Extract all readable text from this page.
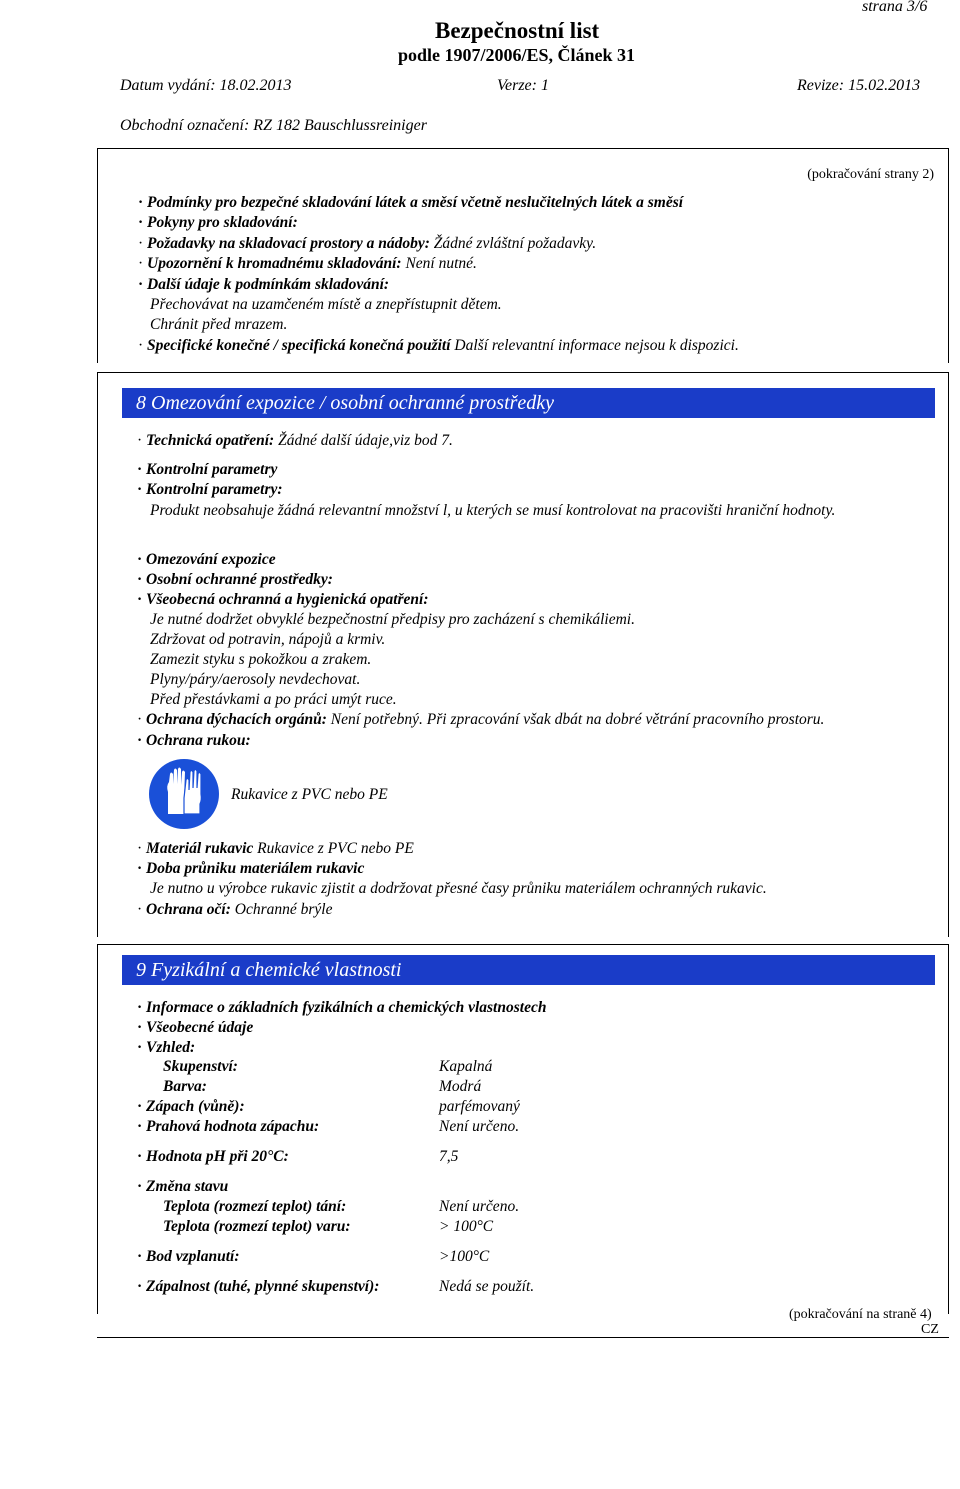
strana 3/6
Bezpečnostní list
podle 1907/2006/ES, Článek 31
Datum vydání: 18.02.2013	Verze: 1	Revize: 15.02.2013
Obchodní označení: RZ 182 Bauschlussreiniger
(pokračování strany 2)
· Podmínky pro bezpečné skladování látek a směsí včetně neslučitelných látek a směsí
· Pokyny pro skladování:
· Požadavky na skladovací prostory a nádoby: Žádné zvláštní požadavky.
· Upozornění k hromadnému skladování: Není nutné.
· Další údaje k podmínkám skladování:
Přechovávat na uzamčeném místě a znepřístupnit dětem.
Chránit před mrazem.
· Specifické konečné / specifická konečná použití Další relevantní informace nejsou k dispozici.
8 Omezování expozice / osobní ochranné prostředky
· Technická opatření: Žádné další údaje,viz bod 7.
· Kontrolní parametry
· Kontrolní parametry:
Produkt neobsahuje žádná relevantní množství l, u kterých se musí kontrolovat na pracovišti hraniční hodnoty.
· Omezování expozice
· Osobní ochranné prostředky:
· Všeobecná ochranná a hygienická opatření:
Je nutné dodržet obvyklé bezpečnostní předpisy pro zacházení s chemikáliemi.
Zdržovat od potravin, nápojů a krmiv.
Zamezit styku s pokožkou a zrakem.
Plyny/páry/aerosoly nevdechovat.
Před přestávkami a po práci umýt ruce.
· Ochrana dýchacích orgánů: Není potřebný. Při zpracování však dbát na dobré větrání pracovního prostoru.
· Ochrana rukou:
Rukavice z PVC nebo PE
· Materiál rukavic Rukavice z PVC nebo PE
· Doba průniku materiálem rukavic
Je nutno u výrobce rukavic zjistit a dodržovat přesné časy průniku materiálem ochranných rukavic.
· Ochrana očí: Ochranné brýle
9 Fyzikální a chemické vlastnosti
· Informace o základních fyzikálních a chemických vlastnostech
· Všeobecné údaje
· Vzhled:
Skupenství:	Kapalná
Barva:	Modrá
· Zápach (vůně):	parfémovaný
· Prahová hodnota zápachu:	Není určeno.
· Hodnota pH při 20°C:	7,5
· Změna stavu
Teplota (rozmezí teplot) tání:	Není určeno.
Teplota (rozmezí teplot) varu:	> 100°C
· Bod vzplanutí:	>100°C
· Zápalnost (tuhé, plynné skupenství):	Nedá se použít.
(pokračování na straně 4)
CZ
